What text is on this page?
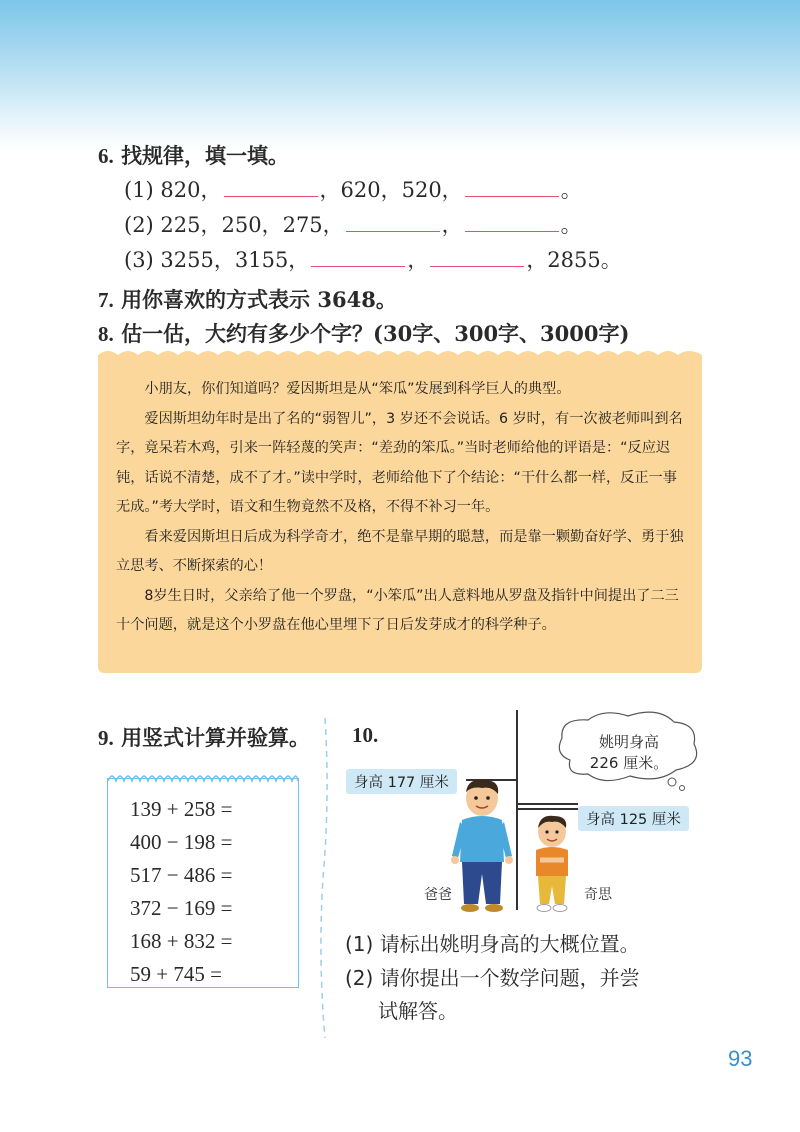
6. 找规律，填一填。
(1) 820，	，620，520，	。
(2) 225，250，275，	，	。
(3) 3255，3155，	，	，2855。
7. 用你喜欢的方式表示 3648。
8. 估一估，大约有多少个字？(30字、300字、3000字)

小朋友，你们知道吗？爱因斯坦是从“笨瓜”发展到科学巨人的典型。

爱因斯坦幼年时是出了名的“弱智儿”，3 岁还不会说话。6 岁时，有一次被老师叫到名字，竟呆若木鸡，引来一阵轻蔑的笑声：“差劲的笨瓜。”当时老师给他的评语是：“反应迟钝，话说不清楚，成不了才。”读中学时，老师给他下了个结论：“干什么都一样，反正一事无成。”考大学时，语文和生物竟然不及格，不得不补习一年。

看来爱因斯坦日后成为科学奇才，绝不是靠早期的聪慧，而是靠一颗勤奋好学、勇于独立思考、不断探索的心！

8岁生日时，父亲给了他一个罗盘，“小笨瓜”出人意料地从罗盘及指针中间提出了二三十个问题，就是这个小罗盘在他心里埋下了日后发芽成才的科学种子。

9. 用竖式计算并验算。
139 + 258 =
400 − 198 =
517 − 486 =
372 − 169 =
168 + 832 =
59 + 745 =
10.	姚明身高
226 厘米。
身高 177 厘米
身高 125 厘米
爸爸	奇思
(1) 请标出姚明身高的大概位置。
(2) 请你提出一个数学问题，并尝
试解答。
93
